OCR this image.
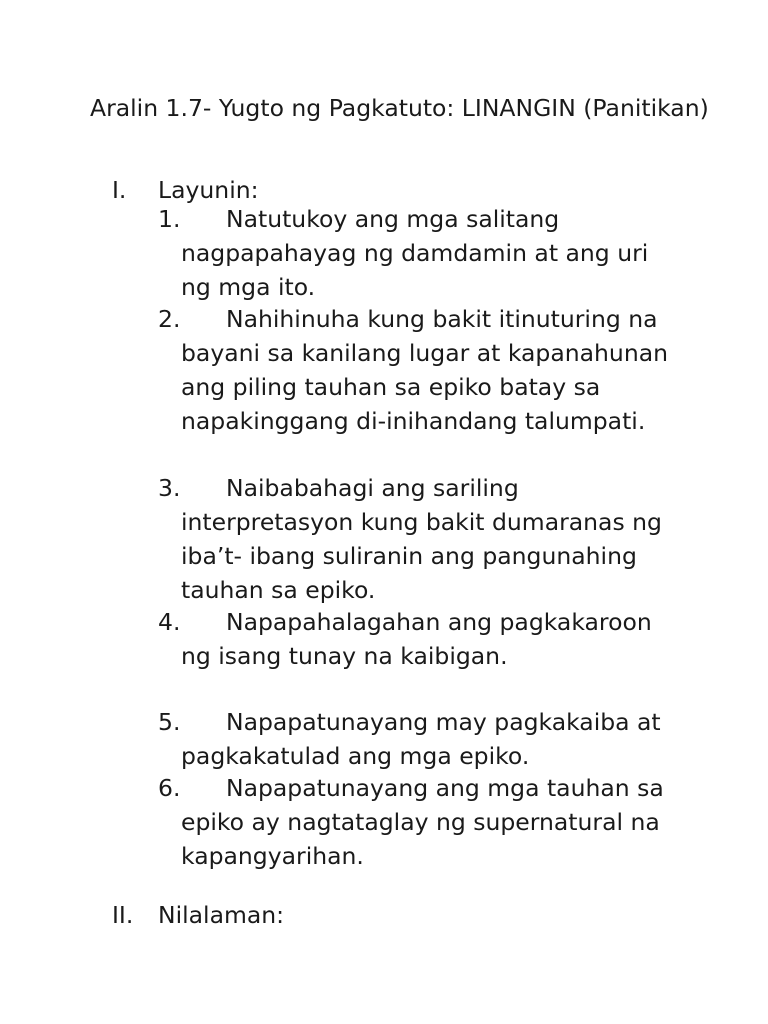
Aralin 1.7- Yugto ng Pagkatuto: LINANGIN (Panitikan)
I.	Layunin:
1. Natutukoy ang mga salitang nagpapahayag ng damdamin at ang uri ng mga ito.
2. Nahihinuha kung bakit itinuturing na bayani sa kanilang lugar at kapanahunan ang piling tauhan sa epiko batay sa napakinggang di-inihandang talumpati.
3. Naibabahagi ang sariling interpretasyon kung bakit dumaranas ng iba’t- ibang suliranin ang pangunahing tauhan sa epiko.
4. Napapahalagahan ang pagkakaroon ng isang tunay na kaibigan.
5. Napapatunayang may pagkakaiba at pagkakatulad ang mga epiko.
6. Napapatunayang ang mga tauhan sa epiko ay nagtataglay ng supernatural na kapangyarihan.
II.	Nilalaman:
